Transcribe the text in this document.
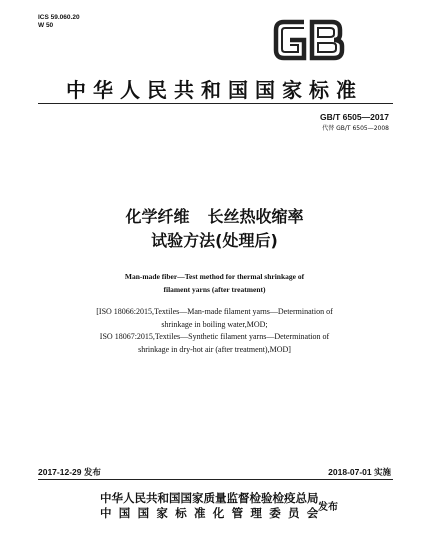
ICS 59.060.20
W 50
中华人民共和国国家标准
GB/T 6505—2017
代替 GB/T 6505—2008
化学纤维 长丝热收缩率
试验方法(处理后)
Man-made fiber—Test method for thermal shrinkage of
filament yarns (after treatment)
[ISO 18066:2015,Textiles—Man-made filament yarns—Determination of
shrinkage in boiling water,MOD;
ISO 18067:2015,Textiles—Synthetic filament yarns—Determination of
shrinkage in dry-hot air (after treatment),MOD]
2017-12-29 发布	2018-07-01 实施
中华人民共和国国家质量监督检验检疫总局
中国国家标准化管理委员会
发布
